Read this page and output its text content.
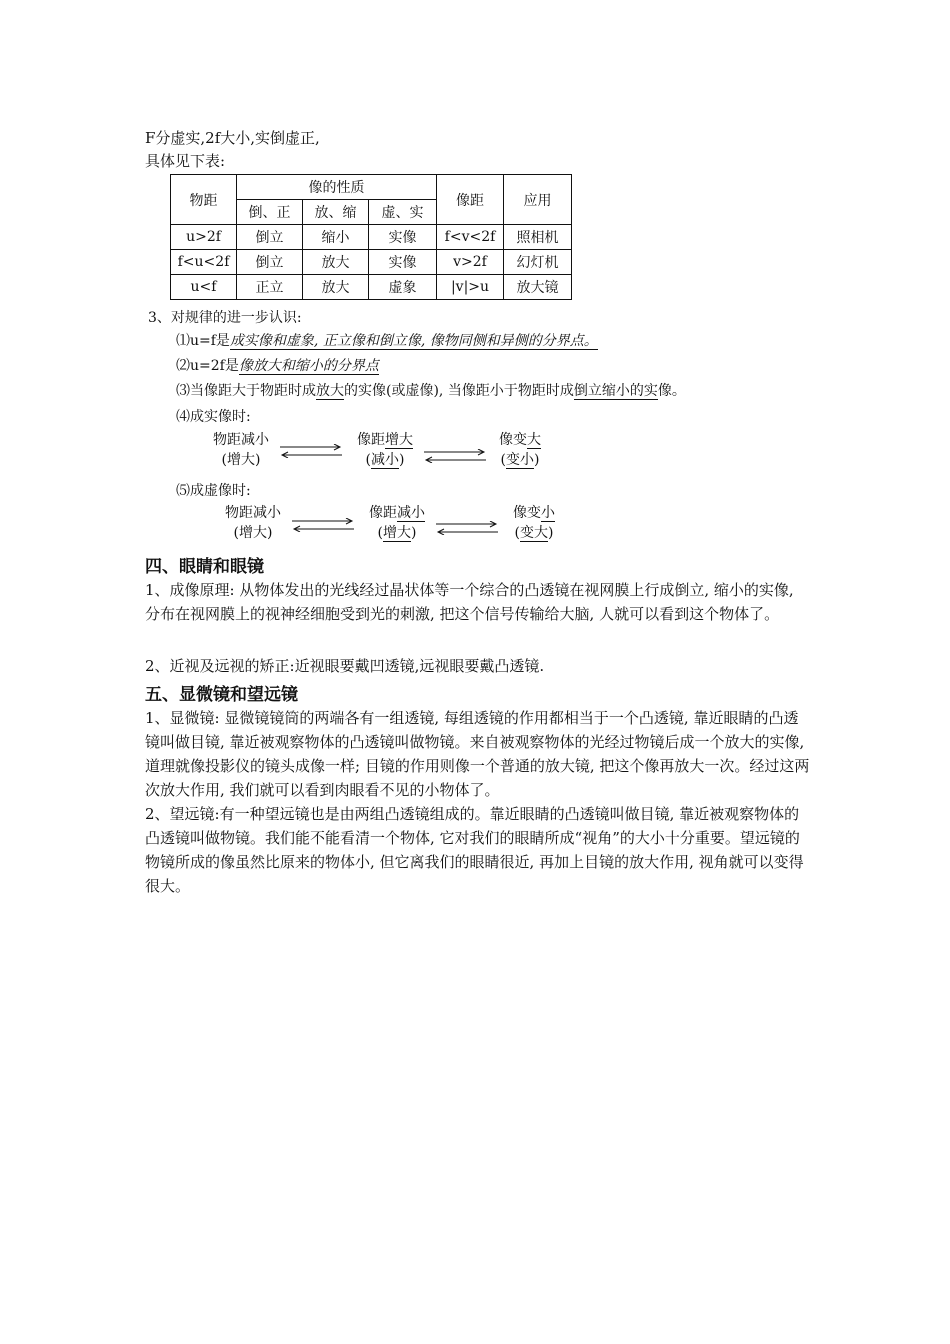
F分虚实,2f大小,实倒虚正,
具体见下表:
物距	像的性质			像距	应用
	倒、正	放、缩	虚、实		
u>2f	倒立	缩小	实像	f<v<2f	照相机
f<u<2f	倒立	放大	实像	v>2f	幻灯机
u<f	正立	放大	虚象	|v|>u	放大镜
3、对规律的进一步认识:
⑴u=f是成实像和虚象, 正立像和倒立像, 像物同侧和异侧的分界点。
⑵u=2f是像放大和缩小的分界点
⑶当像距大于物距时成放大的实像(或虚像), 当像距小于物距时成倒立缩小的实像。
⑷成实像时:
物距减小
(增大)
像距增大
(减小)
像变大
(变小)
⑸成虚像时:
物距减小
(增大)
像距减小
(增大)
像变小
(变大)
四、眼睛和眼镜
1、成像原理: 从物体发出的光线经过晶状体等一个综合的凸透镜在视网膜上行成倒立, 缩小的实像, 分布在视网膜上的视神经细胞受到光的刺激, 把这个信号传输给大脑, 人就可以看到这个物体了。
2、近视及远视的矫正:近视眼要戴凹透镜,远视眼要戴凸透镜.
五、显微镜和望远镜
1、显微镜: 显微镜镜筒的两端各有一组透镜, 每组透镜的作用都相当于一个凸透镜, 靠近眼睛的凸透镜叫做目镜, 靠近被观察物体的凸透镜叫做物镜。来自被观察物体的光经过物镜后成一个放大的实像, 道理就像投影仪的镜头成像一样; 目镜的作用则像一个普通的放大镜, 把这个像再放大一次。经过这两次放大作用, 我们就可以看到肉眼看不见的小物体了。
2、望远镜:有一种望远镜也是由两组凸透镜组成的。靠近眼睛的凸透镜叫做目镜, 靠近被观察物体的凸透镜叫做物镜。我们能不能看清一个物体, 它对我们的眼睛所成“视角”的大小十分重要。望远镜的物镜所成的像虽然比原来的物体小, 但它离我们的眼睛很近, 再加上目镜的放大作用, 视角就可以变得很大。
